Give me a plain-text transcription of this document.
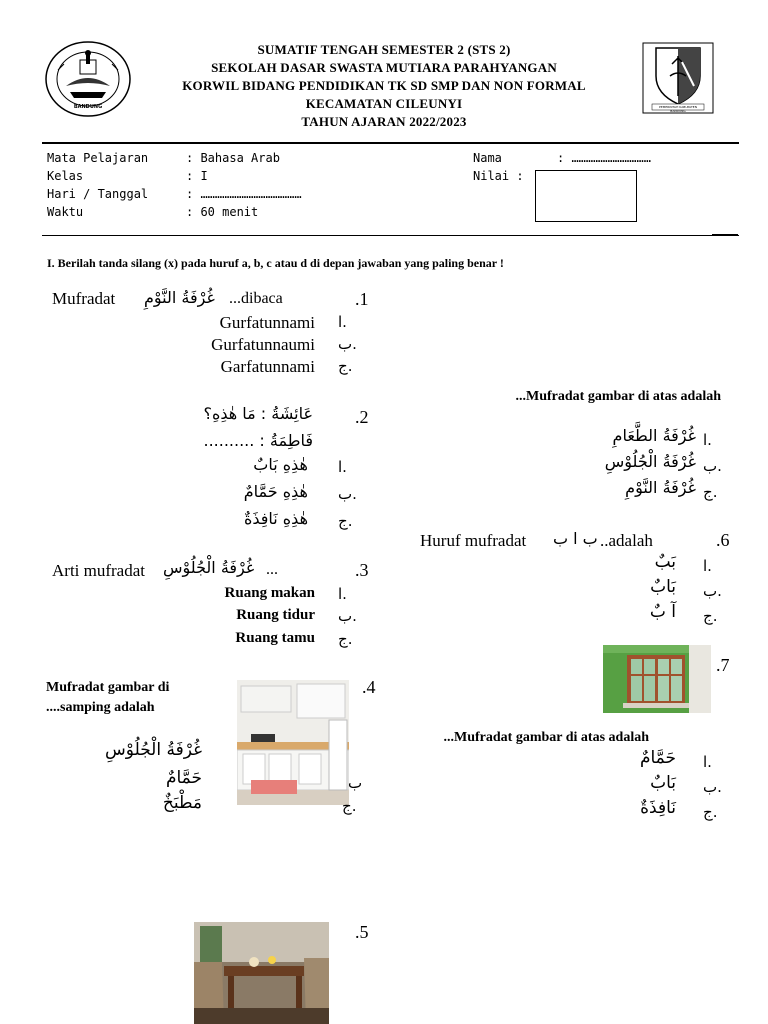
BANDUNG
SUMATIF TENGAH SEMESTER 2 (STS 2)
SEKOLAH DASAR SWASTA MUTIARA PARAHYANGAN
KORWIL BIDANG PENDIDIKAN TK SD SMP DAN NON FORMAL
KECAMATAN CILEUNYI
TAHUN AJARAN 2022/2023
PEMERINTAH KABUPATEN BANDUNG
Mata Pelajaran	: Bahasa Arab
Kelas	: I
Hari / Tanggal	: ……………………………………
Waktu	: 60 menit
Nama	: ……………………………
Nilai :
I. Berilah tanda silang (x) pada huruf a, b, c atau d di depan jawaban yang paling benar !
.1
Mufradat غُرْفَةُ النَّوْمِ ...dibaca
ا.
Gurfatunnami
ب.
Gurfatunnaumi
ج.
Garfatunnami
.2
عَائِشَةُ : مَا هٰذِهِ؟
فَاطِمَةُ : ..........
ا.
هٰذِهِ بَابٌ
ب.
هٰذِهِ حَمَّامٌ
ج.
هٰذِهِ نَافِذَةٌ
.3
Arti mufradat غُرْفَةُ الْجُلُوْسِ ...
ا.
Ruang makan
ب.
Ruang tidur
ج.
Ruang tamu
.4
Mufradat gambar di
....samping adalah
غُرْفَةُ الْجُلُوْسِ
ب
حَمَّامٌ
ج.
مَطْبَخٌ
.5
...Mufradat gambar di atas adalah
ا.
غُرْفَةُ الطَّعَامِ
ب.
غُرْفَةُ الْجُلُوْسِ
ج.
غُرْفَةُ النَّوْمِ
.6
Huruf mufradat ب ا ب ..adalah
ا.
بَبٌ
ب.
بَابٌ
ج.
آ بٌ
.7
...Mufradat gambar di atas adalah
ا.
حَمَّامٌ
ب.
بَابٌ
ج.
نَافِذَةٌ
